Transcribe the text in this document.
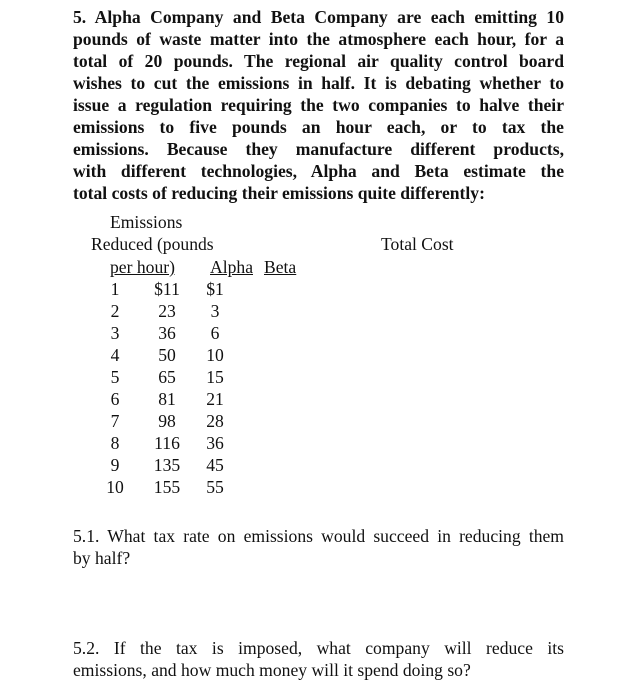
5. Alpha Company and Beta Company are each emitting 10
pounds of waste matter into the atmosphere each hour, for a
total of 20 pounds. The regional air quality control board
wishes to cut the emissions in half. It is debating whether to
issue a regulation requiring the two companies to halve their
emissions to five pounds an hour each, or to tax the
emissions. Because they manufacture different products,
with different technologies, Alpha and Beta estimate the
total costs of reducing their emissions quite differently:
Emissions
Reduced (pounds	Total Cost
per hour) Alpha Beta
1	$11	$1
2	23	3
3	36	6
4	50	10
5	65	15
6	81	21
7	98	28
8	116	36
9	135	45
10	155	55
5.1. What tax rate on emissions would succeed in reducing them
by half?
5.2. If the tax is imposed, what company will reduce its
emissions, and how much money will it spend doing so?
